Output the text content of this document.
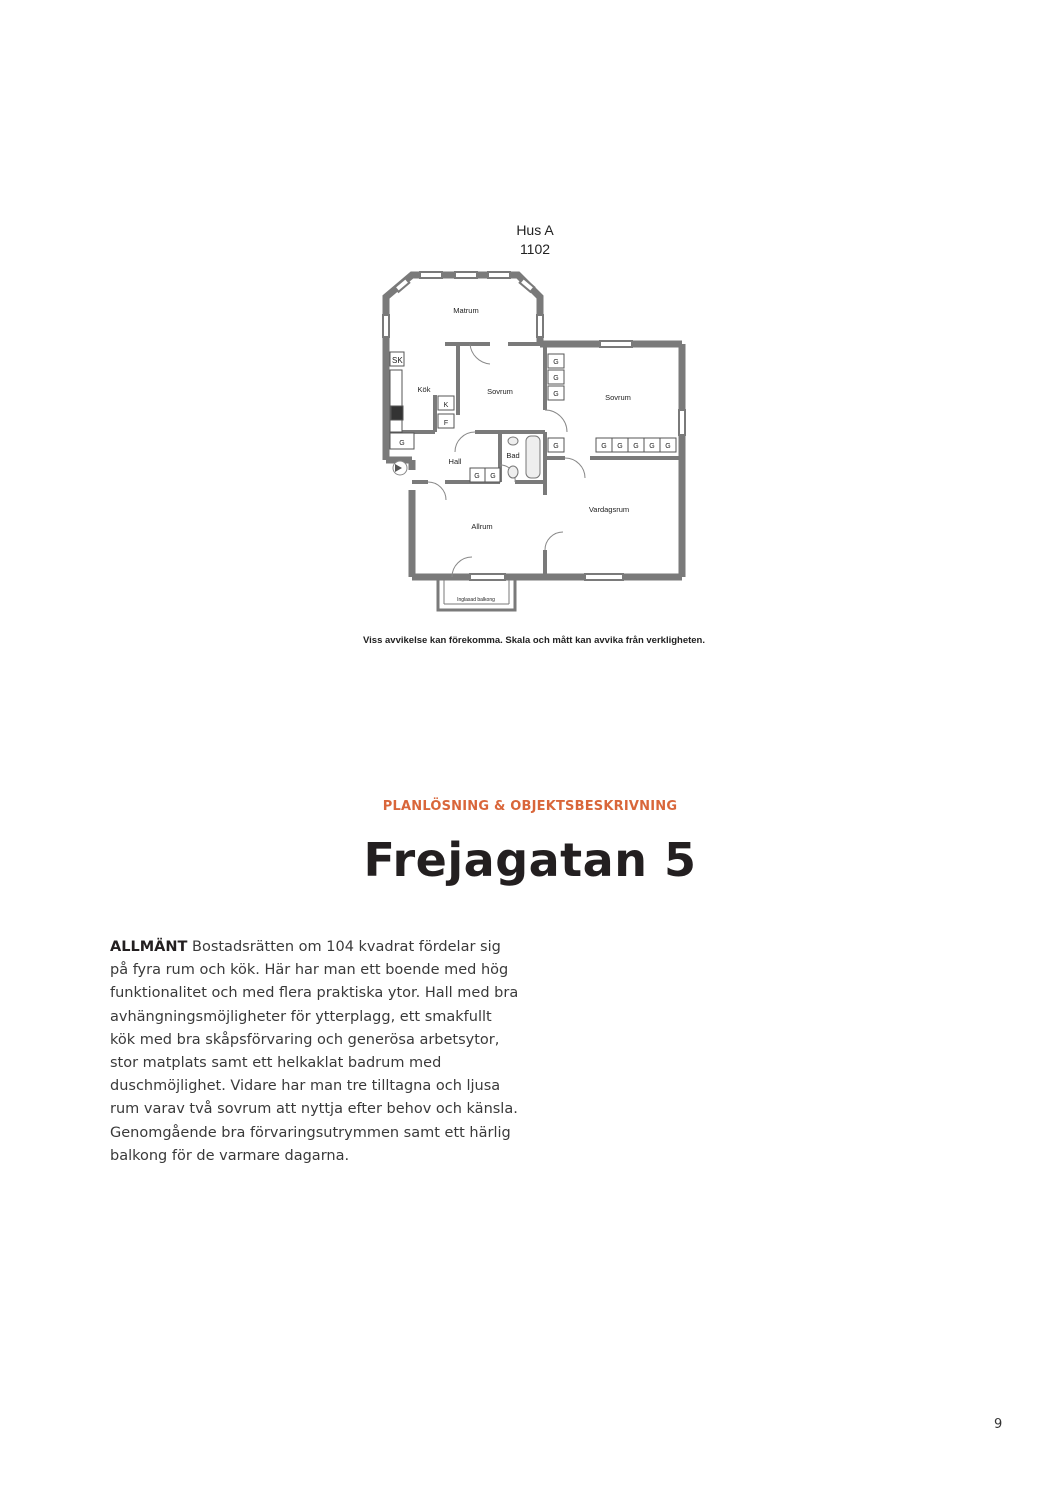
Hus A
1102
SK
K
F
G
G
G
G
G	G G G G G
G G
Matrum
Kök	Sovrum
Sovrum
Bad
Hall
Vardagsrum
Allrum
Inglasad balkong
Viss avvikelse kan förekomma. Skala och mått kan avvika från verkligheten.
PLANLÖSNING & OBJEKTSBESKRIVNING
Frejagatan 5
ALLMÄNT Bostadsrätten om 104 kvadrat fördelar sig på fyra rum och kök. Här har man ett boende med hög funktionalitet och med flera praktiska ytor. Hall med bra avhängningsmöjligheter för ytterplagg, ett smakfullt kök med bra skåpsförvaring och generösa arbetsytor, stor matplats samt ett helkaklat badrum med duschmöjlighet. Vidare har man tre tilltagna och ljusa rum varav två sovrum att nyttja efter behov och känsla. Genomgående bra förvaringsutrymmen samt ett härlig balkong för de varmare dagarna.
9
